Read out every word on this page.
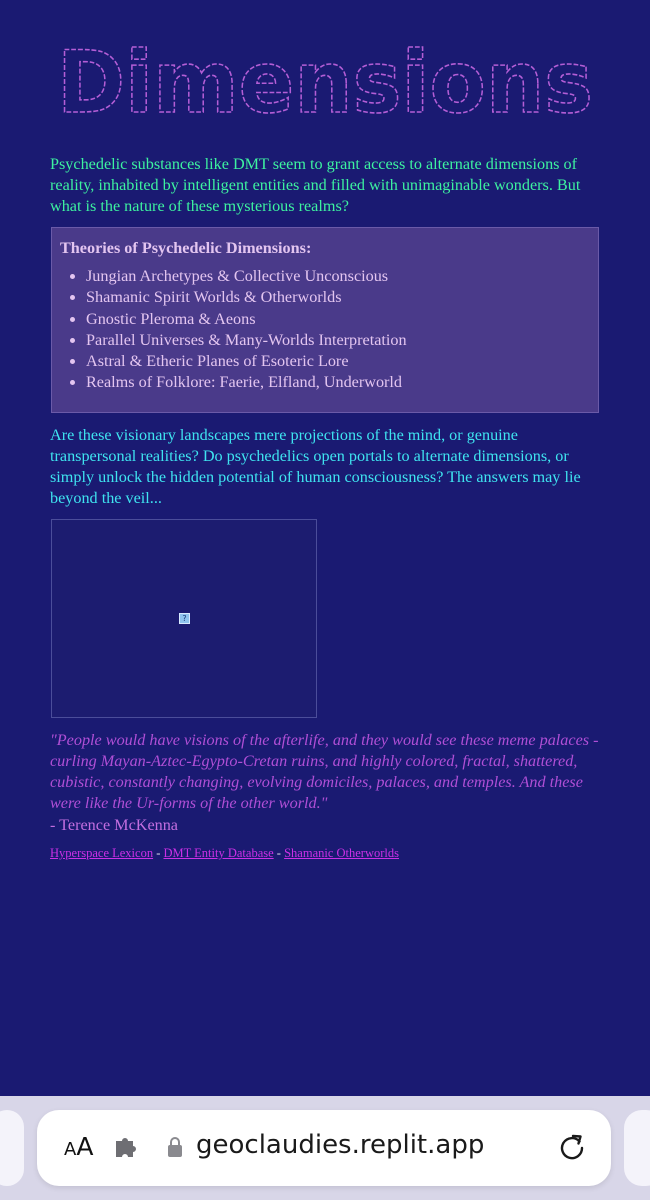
Dimensions

Psychedelic substances like DMT seem to grant access to alternate dimensions of reality, inhabited by intelligent entities and filled with unimaginable wonders. But what is the nature of these mysterious realms?

Theories of Psychedelic Dimensions:
• Jungian Archetypes & Collective Unconscious
• Shamanic Spirit Worlds & Otherworlds
• Gnostic Pleroma & Aeons
• Parallel Universes & Many-Worlds Interpretation
• Astral & Etheric Planes of Esoteric Lore
• Realms of Folklore: Faerie, Elfland, Underworld

Are these visionary landscapes mere projections of the mind, or genuine transpersonal realities? Do psychedelics open portals to alternate dimensions, or simply unlock the hidden potential of human consciousness? The answers may lie beyond the veil...

?

"People would have visions of the afterlife, and they would see these meme palaces - curling Mayan-Aztec-Egypto-Cretan ruins, and highly colored, fractal, shattered, cubistic, constantly changing, evolving domiciles, palaces, and temples. And these were like the Ur-forms of the other world."

- Terence McKenna
Hyperspace Lexicon - DMT Entity Database - Shamanic Otherworlds
AA	geoclaudies.replit.app
